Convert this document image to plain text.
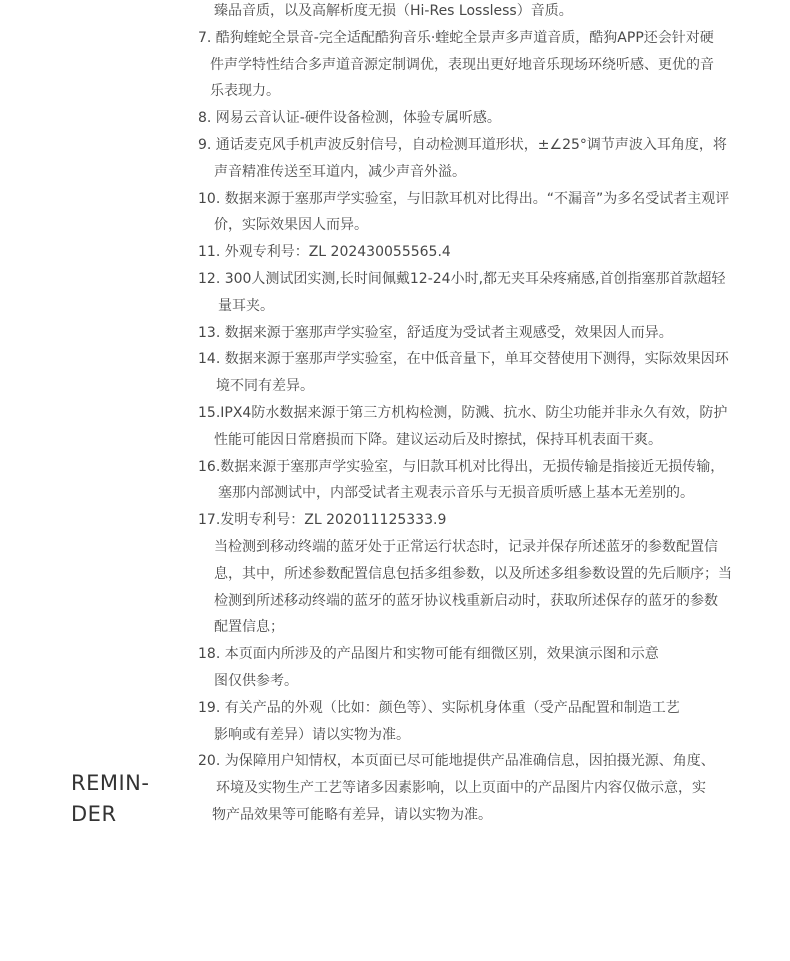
REMIN-
DER
臻品音质，以及高解析度无损（Hi-Res Lossless）音质。
7. 酷狗蝰蛇全景音-完全适配酷狗音乐·蝰蛇全景声多声道音质，酷狗APP还会针对硬
件声学特性结合多声道音源定制调优，表现出更好地音乐现场环绕听感、更优的音
乐表现力。
8. 网易云音认证-硬件设备检测，体验专属听感。
9. 通话麦克风手机声波反射信号，自动检测耳道形状，±∠25°调节声波入耳角度，将
声音精准传送至耳道内，减少声音外溢。
10. 数据来源于塞那声学实验室，与旧款耳机对比得出。“不漏音”为多名受试者主观评
价，实际效果因人而异。
11. 外观专利号：ZL 202430055565.4
12. 300人测试团实测,长时间佩戴12-24小时,都无夹耳朵疼痛感,首创指塞那首款超轻
量耳夹。
13. 数据来源于塞那声学实验室，舒适度为受试者主观感受，效果因人而异。
14. 数据来源于塞那声学实验室，在中低音量下，单耳交替使用下测得，实际效果因环
境不同有差异。
15.IPX4防水数据来源于第三方机构检测，防溅、抗水、防尘功能并非永久有效，防护
性能可能因日常磨损而下降。建议运动后及时擦拭，保持耳机表面干爽。
16.数据来源于塞那声学实验室，与旧款耳机对比得出，无损传输是指接近无损传输，
塞那内部测试中，内部受试者主观表示音乐与无损音质听感上基本无差别的。
17.发明专利号：ZL 202011125333.9
当检测到移动终端的蓝牙处于正常运行状态时，记录并保存所述蓝牙的参数配置信
息，其中，所述参数配置信息包括多组参数，以及所述多组参数设置的先后顺序；当
检测到所述移动终端的蓝牙的蓝牙协议栈重新启动时，获取所述保存的蓝牙的参数
配置信息；
18. 本页面内所涉及的产品图片和实物可能有细微区别，效果演示图和示意
图仅供参考。
19. 有关产品的外观（比如：颜色等）、实际机身体重（受产品配置和制造工艺
影响或有差异）请以实物为准。
20. 为保障用户知情权，本页面已尽可能地提供产品准确信息，因拍摄光源、角度、
环境及实物生产工艺等诸多因素影响，以上页面中的产品图片内容仅做示意，实
物产品效果等可能略有差异，请以实物为准。
